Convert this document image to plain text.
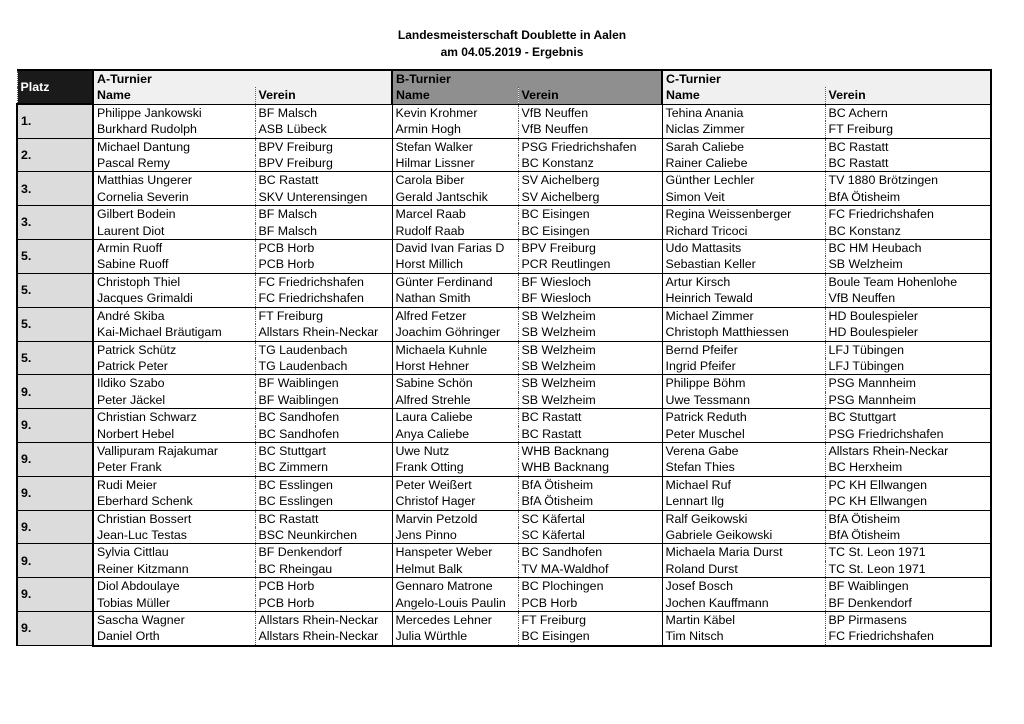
Landesmeisterschaft Doublette in Aalen
am 04.05.2019 - Ergebnis
Platz	A-Turnier		B-Turnier		C-Turnier	
	Name	Verein	Name	Verein	Name	Verein
1.	Philippe Jankowski	BF Malsch	Kevin Krohmer	VfB Neuffen	Tehina Anania	BC Achern
	Burkhard Rudolph	ASB Lübeck	Armin Hogh	VfB Neuffen	Niclas Zimmer	FT Freiburg
2.	Michael Dantung	BPV Freiburg	Stefan Walker	PSG Friedrichshafen	Sarah Caliebe	BC Rastatt
	Pascal Remy	BPV Freiburg	Hilmar Lissner	BC Konstanz	Rainer Caliebe	BC Rastatt
3.	Matthias Ungerer	BC Rastatt	Carola Biber	SV Aichelberg	Günther Lechler	TV 1880 Brötzingen
	Cornelia Severin	SKV Unterensingen	Gerald Jantschik	SV Aichelberg	Simon Veit	BfA Ötisheim
3.	Gilbert Bodein	BF Malsch	Marcel Raab	BC Eisingen	Regina Weissenberger	FC Friedrichshafen
	Laurent Diot	BF Malsch	Rudolf Raab	BC Eisingen	Richard Tricoci	BC Konstanz
5.	Armin Ruoff	PCB Horb	David Ivan Farias D	BPV Freiburg	Udo Mattasits	BC HM Heubach
	Sabine Ruoff	PCB Horb	Horst Millich	PCR Reutlingen	Sebastian Keller	SB Welzheim
5.	Christoph Thiel	FC Friedrichshafen	Günter Ferdinand	BF Wiesloch	Artur Kirsch	Boule Team Hohenlohe
	Jacques Grimaldi	FC Friedrichshafen	Nathan Smith	BF Wiesloch	Heinrich Tewald	VfB Neuffen
5.	André Skiba	FT Freiburg	Alfred Fetzer	SB Welzheim	Michael Zimmer	HD Boulespieler
	Kai-Michael Bräutigam	Allstars Rhein-Neckar	Joachim Göhringer	SB Welzheim	Christoph Matthiessen	HD Boulespieler
5.	Patrick Schütz	TG Laudenbach	Michaela Kuhnle	SB Welzheim	Bernd Pfeifer	LFJ Tübingen
	Patrick Peter	TG Laudenbach	Horst Hehner	SB Welzheim	Ingrid Pfeifer	LFJ Tübingen
9.	Ildiko Szabo	BF Waiblingen	Sabine Schön	SB Welzheim	Philippe Böhm	PSG Mannheim
	Peter Jäckel	BF Waiblingen	Alfred Strehle	SB Welzheim	Uwe Tessmann	PSG Mannheim
9.	Christian Schwarz	BC Sandhofen	Laura Caliebe	BC Rastatt	Patrick Reduth	BC Stuttgart
	Norbert Hebel	BC Sandhofen	Anya Caliebe	BC Rastatt	Peter Muschel	PSG Friedrichshafen
9.	Vallipuram Rajakumar	BC Stuttgart	Uwe Nutz	WHB Backnang	Verena Gabe	Allstars Rhein-Neckar
	Peter Frank	BC Zimmern	Frank Otting	WHB Backnang	Stefan Thies	BC Herxheim
9.	Rudi Meier	BC Esslingen	Peter Weißert	BfA Ötisheim	Michael Ruf	PC KH Ellwangen
	Eberhard Schenk	BC Esslingen	Christof Hager	BfA Ötisheim	Lennart Ilg	PC KH Ellwangen
9.	Christian Bossert	BC Rastatt	Marvin Petzold	SC Käfertal	Ralf Geikowski	BfA Ötisheim
	Jean-Luc Testas	BSC Neunkirchen	Jens Pinno	SC Käfertal	Gabriele Geikowski	BfA Ötisheim
9.	Sylvia Cittlau	BF Denkendorf	Hanspeter Weber	BC Sandhofen	Michaela Maria Durst	TC St. Leon 1971
	Reiner Kitzmann	BC Rheingau	Helmut Balk	TV MA-Waldhof	Roland Durst	TC St. Leon 1971
9.	Diol Abdoulaye	PCB Horb	Gennaro Matrone	BC Plochingen	Josef Bosch	BF Waiblingen
	Tobias Müller	PCB Horb	Angelo-Louis Paulin	PCB Horb	Jochen Kauffmann	BF Denkendorf
9.	Sascha Wagner	Allstars Rhein-Neckar	Mercedes Lehner	FT Freiburg	Martin Käbel	BP Pirmasens
	Daniel Orth	Allstars Rhein-Neckar	Julia Würthle	BC Eisingen	Tim Nitsch	FC Friedrichshafen
